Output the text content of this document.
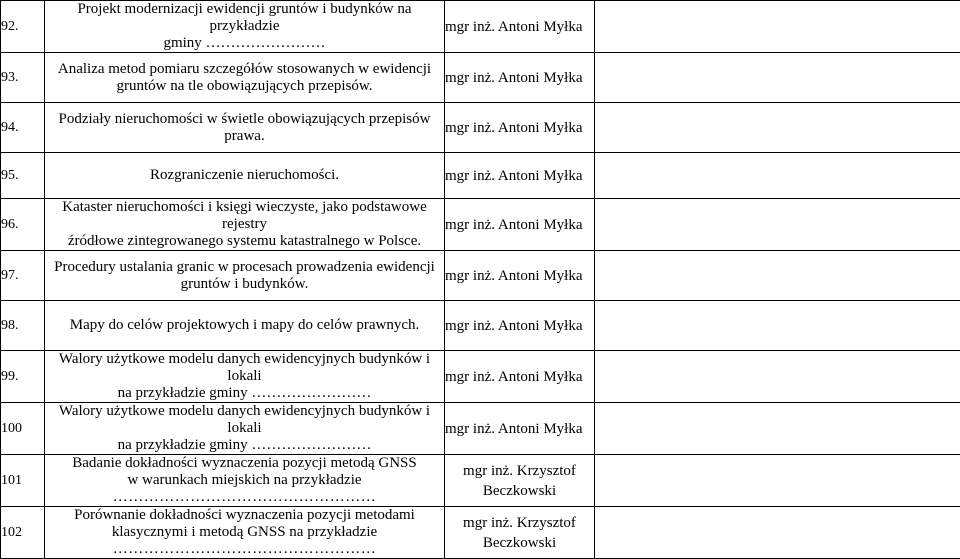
92.	Projekt modernizacji ewidencji gruntów i budynków na przykładzie
gminy ……………………	mgr inż. Antoni Myłka	
93.	Analiza metod pomiaru szczegółów stosowanych w ewidencji
gruntów na tle obowiązujących przepisów.	mgr inż. Antoni Myłka	
94.	Podziały nieruchomości w świetle obowiązujących przepisów prawa.	mgr inż. Antoni Myłka	
95.	Rozgraniczenie nieruchomości.	mgr inż. Antoni Myłka	
96.	Kataster nieruchomości i księgi wieczyste, jako podstawowe rejestry
źródłowe zintegrowanego systemu katastralnego w Polsce.	mgr inż. Antoni Myłka	
97.	Procedury ustalania granic w procesach prowadzenia ewidencji
gruntów i budynków.	mgr inż. Antoni Myłka	
98.	Mapy do celów projektowych i mapy do celów prawnych.	mgr inż. Antoni Myłka	
99.	Walory użytkowe modelu danych ewidencyjnych budynków i lokali
na przykładzie gminy ……………………	mgr inż. Antoni Myłka	
100	Walory użytkowe modelu danych ewidencyjnych budynków i lokali
na przykładzie gminy ……………………	mgr inż. Antoni Myłka	
101	Badanie dokładności wyznaczenia pozycji metodą GNSS
w warunkach miejskich na przykładzie
……………………………………………	mgr inż. Krzysztof
Beczkowski	
102	Porównanie dokładności wyznaczenia pozycji metodami
klasycznymi i metodą GNSS na przykładzie
……………………………………………	mgr inż. Krzysztof
Beczkowski	
